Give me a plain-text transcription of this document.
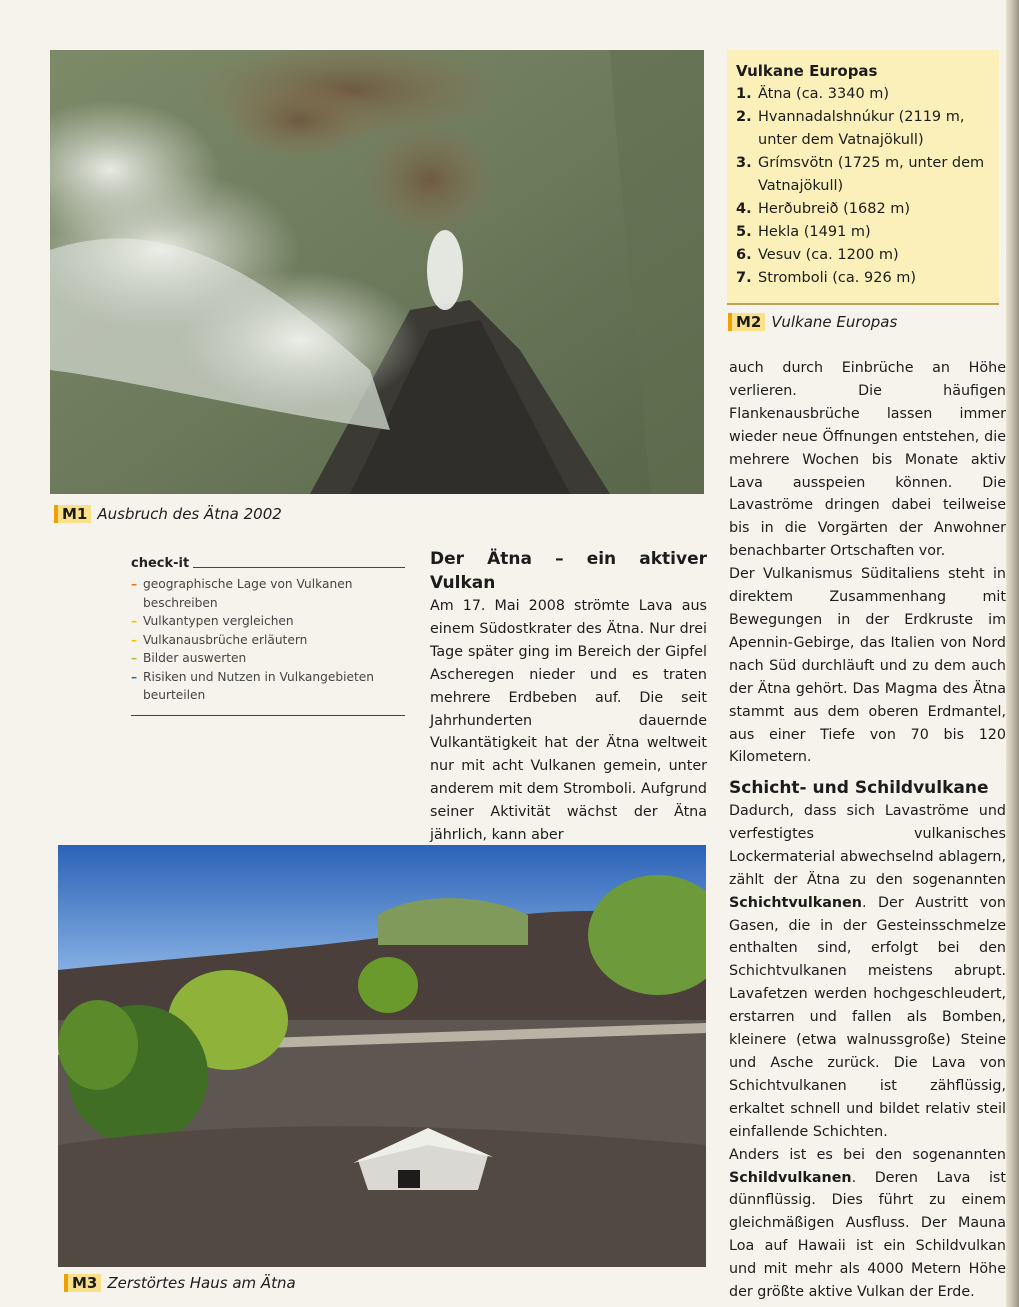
M1 Ausbruch des Ätna 2002
Vulkane Europas
1. Ätna (ca. 3340 m)
2. Hvannadalshnúkur (2119 m, unter dem Vatnajökull)
3. Grímsvötn (1725 m, unter dem Vatnajökull)
4. Herðubreið (1682 m)
5. Hekla (1491 m)
6. Vesuv (ca. 1200 m)
7. Stromboli (ca. 926 m)
M2 Vulkane Europas
check-it
– geographische Lage von Vulkanen beschreiben
– Vulkantypen vergleichen
– Vulkanausbrüche erläutern
– Bilder auswerten
– Risiken und Nutzen in Vulkangebieten beurteilen
Der Ätna – ein aktiver Vulkan

Am 17. Mai 2008 strömte Lava aus einem Südostkrater des Ätna. Nur drei Tage später ging im Bereich der Gipfel Ascheregen nieder und es traten mehrere Erdbeben auf. Die seit Jahrhunderten dauernde Vulkantätigkeit hat der Ätna weltweit nur mit acht Vulkanen gemein, unter anderem mit dem Stromboli. Aufgrund seiner Aktivität wächst der Ätna jährlich, kann aber

auch durch Einbrüche an Höhe verlieren. Die häufigen Flankenausbrüche lassen immer wieder neue Öffnungen entstehen, die mehrere Wochen bis Monate aktiv Lava ausspeien können. Die Lavaströme dringen dabei teilweise bis in die Vorgärten der Anwohner benachbarter Ortschaften vor.

Der Vulkanismus Süditaliens steht in direktem Zusammenhang mit Bewegungen in der Erdkruste im Apennin-Gebirge, das Italien von Nord nach Süd durchläuft und zu dem auch der Ätna gehört. Das Magma des Ätna stammt aus dem oberen Erdmantel, aus einer Tiefe von 70 bis 120 Kilometern.

Schicht- und Schildvulkane

Dadurch, dass sich Lavaströme und verfestigtes vulkanisches Lockermaterial abwechselnd ablagern, zählt der Ätna zu den sogenannten Schichtvulkanen. Der Austritt von Gasen, die in der Gesteinsschmelze enthalten sind, erfolgt bei den Schichtvulkanen meistens abrupt. Lavafetzen werden hochgeschleudert, erstarren und fallen als Bomben, kleinere (etwa walnussgroße) Steine und Asche zurück. Die Lava von Schichtvulkanen ist zähflüssig, erkaltet schnell und bildet relativ steil einfallende Schichten.

Anders ist es bei den sogenannten Schildvulkanen. Deren Lava ist dünnflüssig. Dies führt zu einem gleichmäßigen Ausfluss. Der Mauna Loa auf Hawaii ist ein Schildvulkan und mit mehr als 4000 Metern Höhe der größte aktive Vulkan der Erde.

M3 Zerstörtes Haus am Ätna
